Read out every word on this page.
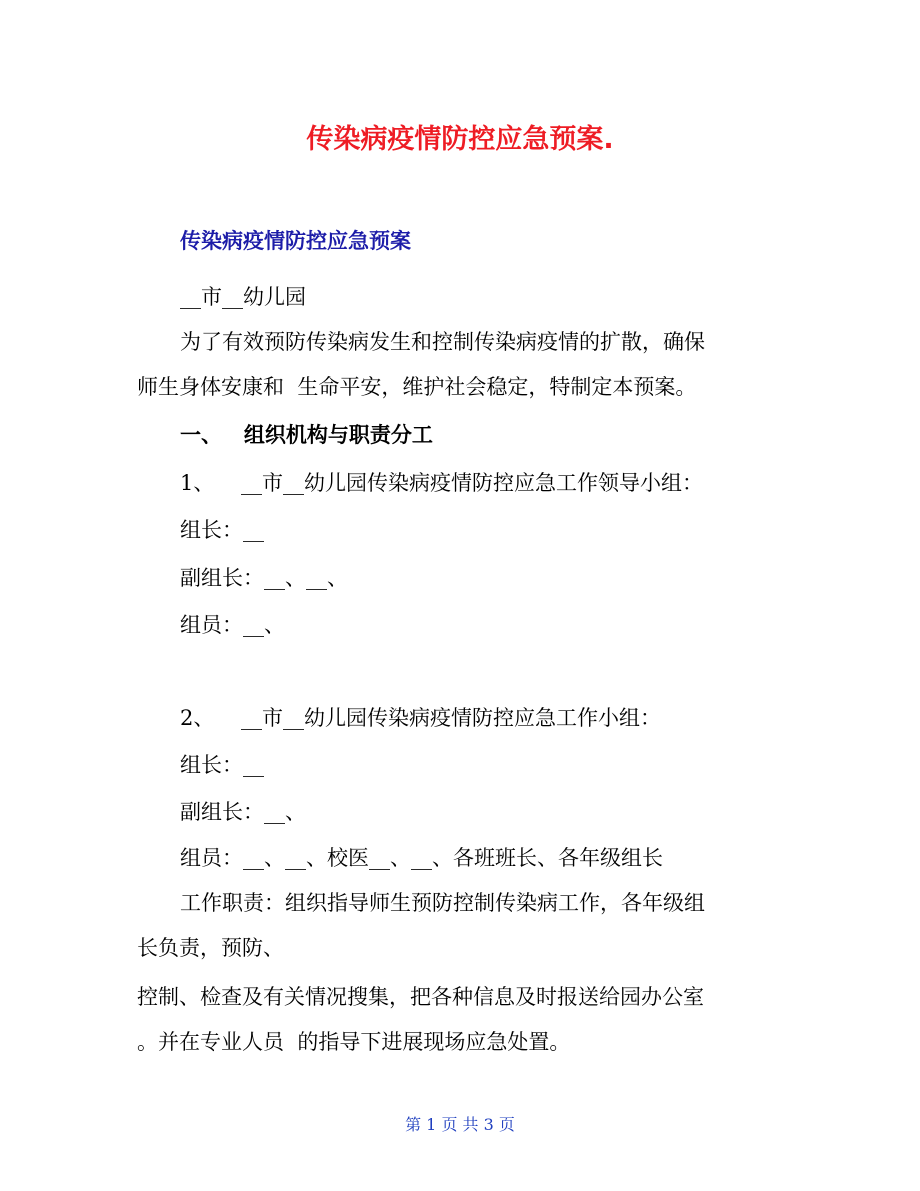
传染病疫情防控应急预案.
传染病疫情防控应急预案
__市__幼儿园
为了有效预防传染病发生和控制传染病疫情的扩散，确保
师生身体安康和  生命平安，维护社会稳定，特制定本预案。
一、   组织机构与职责分工
1、    __市__幼儿园传染病疫情防控应急工作领导小组：
组长：__
副组长：__、__、
组员：__、
2、    __市__幼儿园传染病疫情防控应急工作小组：
组长：__
副组长：__、
组员：__、__、校医__、__、各班班长、各年级组长
工作职责：组织指导师生预防控制传染病工作，各年级组
长负责，预防、
控制、检查及有关情况搜集，把各种信息及时报送给园办公室
。并在专业人员  的指导下进展现场应急处置。
第 1 页 共 3 页
